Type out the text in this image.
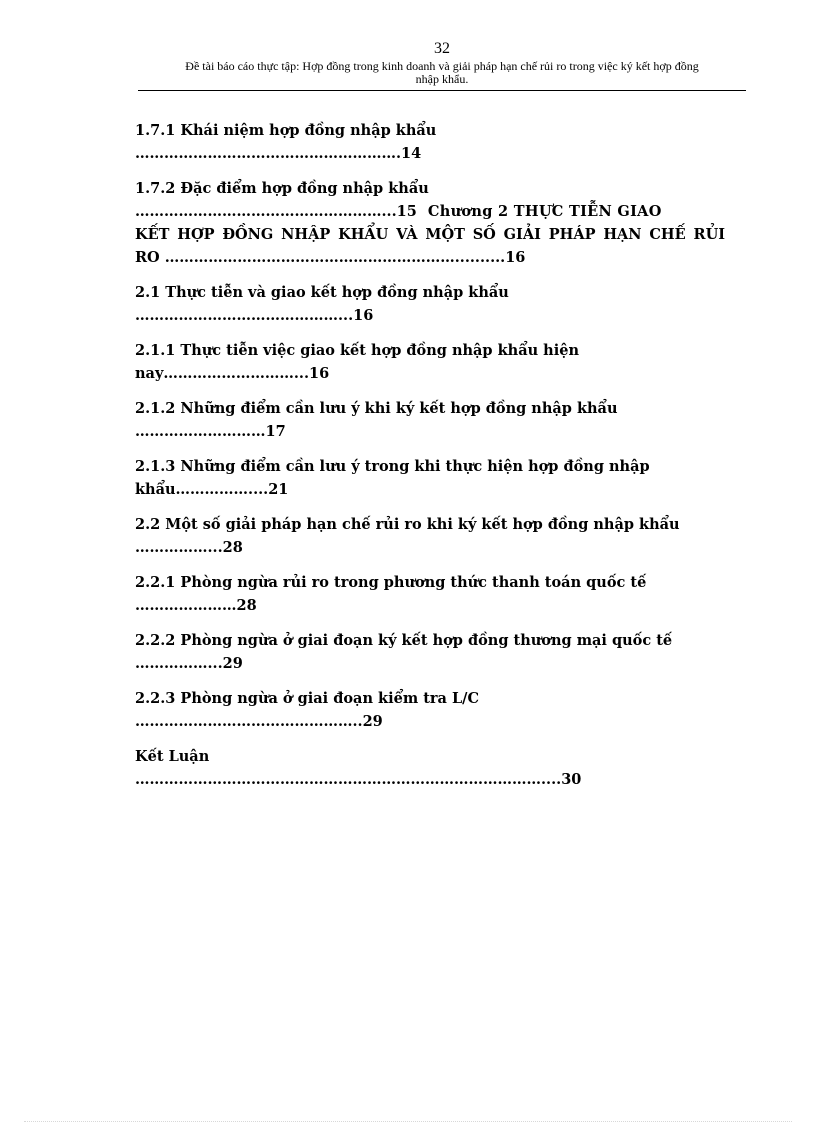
32
Đề tài báo cáo thực tập: Hợp đồng trong kinh doanh và giải pháp hạn chế rủi ro trong việc ký kết hợp đồng
nhập khẩu.
1.7.1 Khái niệm hợp đồng nhập khẩu
……………………………………………….14
1.7.2 Đặc điểm hợp đồng nhập khẩu
……………………………………………...15 Chương 2 THỰC TIỄN GIAO
KẾT HỢP ĐỒNG NHẬP KHẨU VÀ MỘT SỐ GIẢI PHÁP HẠN CHẾ RỦI
RO ……………………………………………………..........16
2.1 Thực tiễn và giao kết hợp đồng nhập khẩu
……………………………………...16
2.1.1 Thực tiễn việc giao kết hợp đồng nhập khẩu hiện
nay………………………...16
2.1.2 Những điểm cần lưu ý khi ký kết hợp đồng nhập khẩu
………………………17
2.1.3 Những điểm cần lưu ý trong khi thực hiện hợp đồng nhập
khẩu……………....21
2.2 Một số giải pháp hạn chế rủi ro khi ký kết hợp đồng nhập khẩu
……………...28
2.2.1 Phòng ngừa rủi ro trong phương thức thanh toán quốc tế
…………………28
2.2.2 Phòng ngừa ở giai đoạn ký kết hợp đồng thương mại quốc tế
……………...29
2.2.3 Phòng ngừa ở giai đoạn kiểm tra L/C
………………………………………..29
Kết Luận
…………………………………………………………………………....30
